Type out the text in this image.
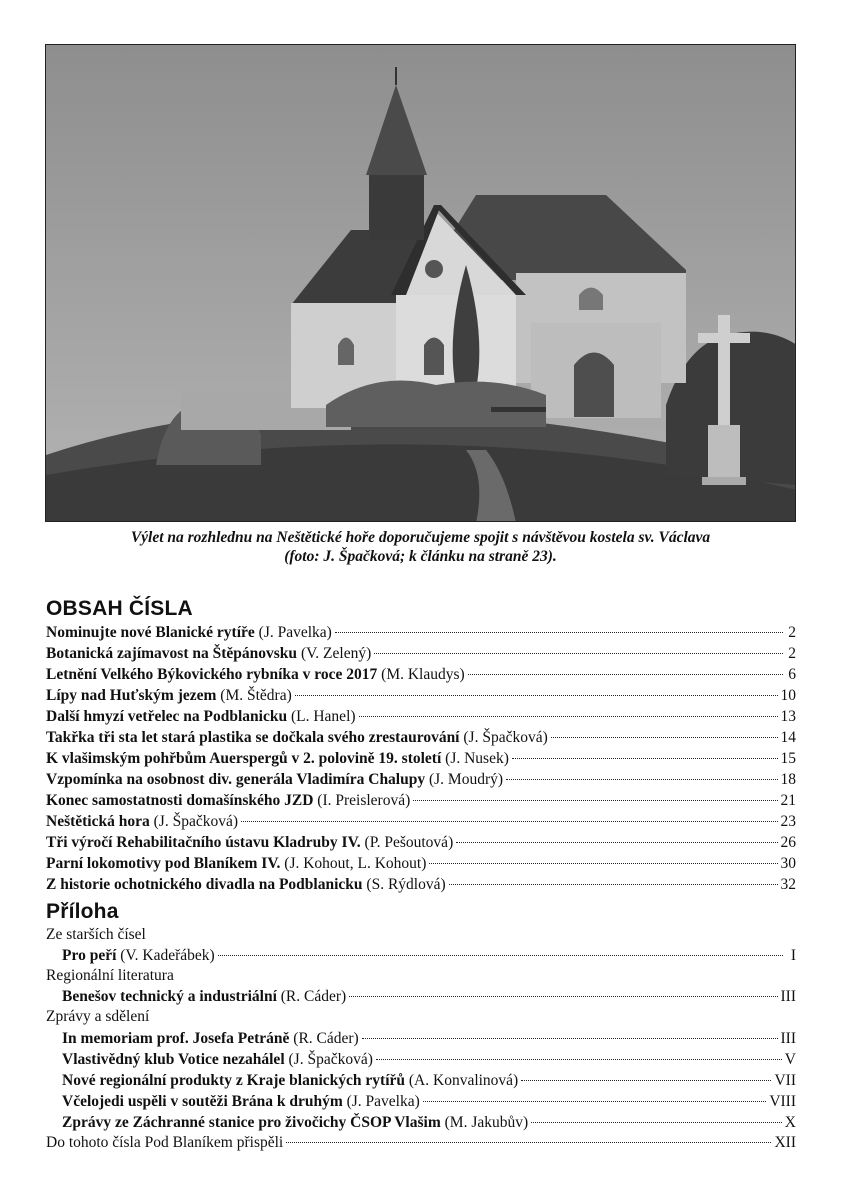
Výlet na rozhlednu na Neštětické hoře doporučujeme spojit s návštěvou kostela sv. Václava
(foto: J. Špačková; k článku na straně 23).
OBSAH ČÍSLA
Nominujte nové Blanické rytíře (J. Pavelka)	2
Botanická zajímavost na Štěpánovsku (V. Zelený)	2
Letnění Velkého Býkovického rybníka v roce 2017 (M. Klaudys)	6
Lípy nad Huťským jezem (M. Štědra)	10
Další hmyzí vetřelec na Podblanicku (L. Hanel)	13
Takřka tři sta let stará plastika se dočkala svého zrestaurování (J. Špačková)	14
K vlašimským pohřbům Auerspergů v 2. polovině 19. století (J. Nusek)	15
Vzpomínka na osobnost div. generála Vladimíra Chalupy (J. Moudrý)	18
Konec samostatnosti domašínského JZD (I. Preislerová)	21
Neštětická hora (J. Špačková)	23
Tři výročí Rehabilitačního ústavu Kladruby IV. (P. Pešoutová)	26
Parní lokomotivy pod Blaníkem IV. (J. Kohout, L. Kohout)	30
Z historie ochotnického divadla na Podblanicku (S. Rýdlová)	32
Příloha
Ze starších čísel
Pro peří (V. Kadeřábek)	I
Regionální literatura
Benešov technický a industriální (R. Cáder)	III
Zprávy a sdělení
In memoriam prof. Josefa Petráně (R. Cáder)	III
Vlastivědný klub Votice nezahálel (J. Špačková)	V
Nové regionální produkty z Kraje blanických rytířů (A. Konvalinová)	VII
Včelojedi uspěli v soutěži Brána k druhým (J. Pavelka)	VIII
Zprávy ze Záchranné stanice pro živočichy ČSOP Vlašim (M. Jakubův)	X
Do tohoto čísla Pod Blaníkem přispěli	XII
